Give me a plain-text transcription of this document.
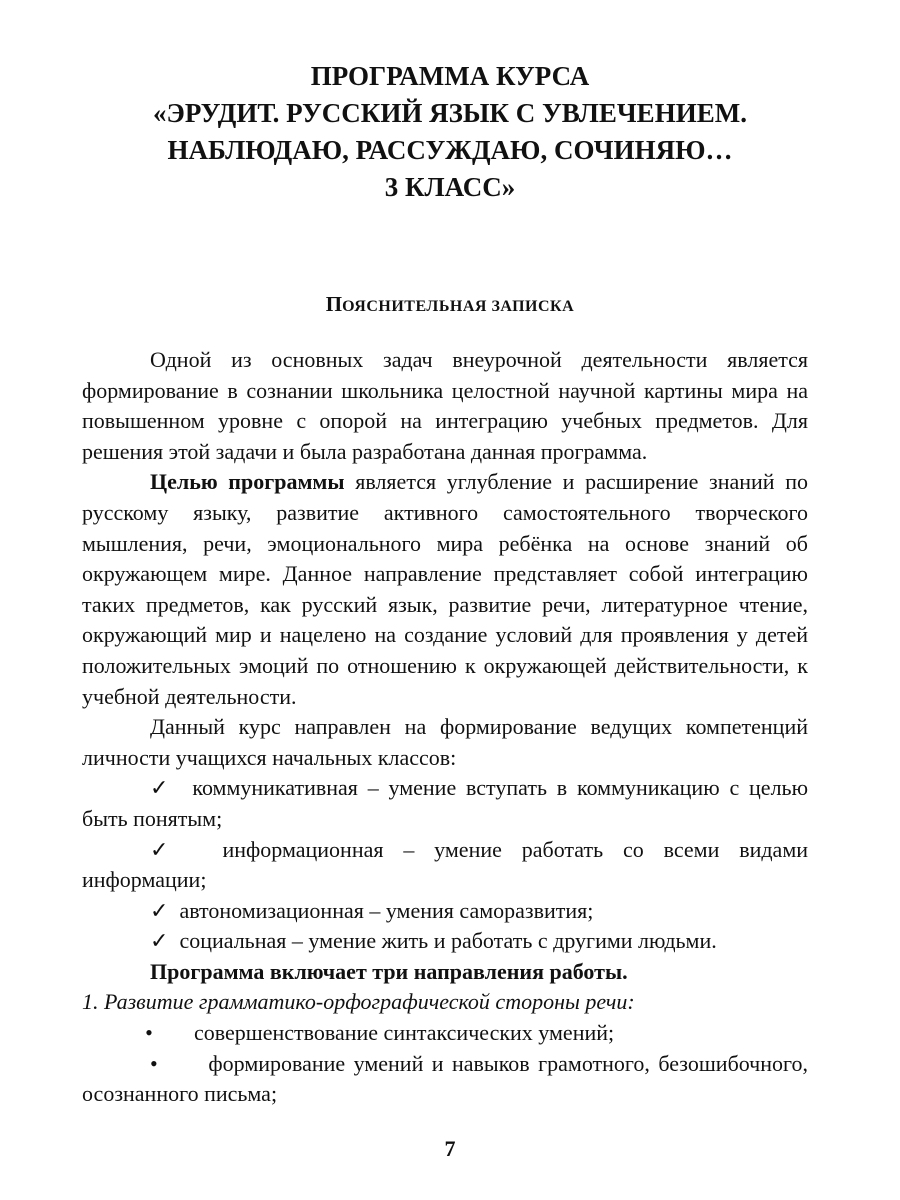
ПРОГРАММА КУРСА
«ЭРУДИТ. РУССКИЙ ЯЗЫК С УВЛЕЧЕНИЕМ.
НАБЛЮДАЮ, РАССУЖДАЮ, СОЧИНЯЮ…
3 КЛАСС»
ПОЯСНИТЕЛЬНАЯ ЗАПИСКА

Одной из основных задач внеурочной деятельности является формирование в сознании школьника целостной научной картины мира на повышенном уровне с опорой на интеграцию учебных предметов. Для решения этой задачи и была разработана данная программа.

Целью программы является углубление и расширение знаний по русскому языку, развитие активного самостоятельного творческого мышления, речи, эмоционального мира ребёнка на основе знаний об окружающем мире. Данное направление представляет собой интеграцию таких предметов, как русский язык, развитие речи, литературное чтение, окружающий мир и нацелено на создание условий для проявления у детей положительных эмоций по отношению к окружающей действительности, к учебной деятельности.

Данный курс направлен на формирование ведущих компетенций личности учащихся начальных классов:

✓ коммуникативная – умение вступать в коммуникацию с целью быть понятым;

✓ информационная – умение работать со всеми видами информации;

✓ автономизационная – умения саморазвития;

✓ социальная – умение жить и работать с другими людьми.

Программа включает три направления работы.

1. Развитие грамматико-орфографической стороны речи:

•	совершенствование синтаксических умений;

• формирование умений и навыков грамотного, безошибочного, осознанного письма;

7
